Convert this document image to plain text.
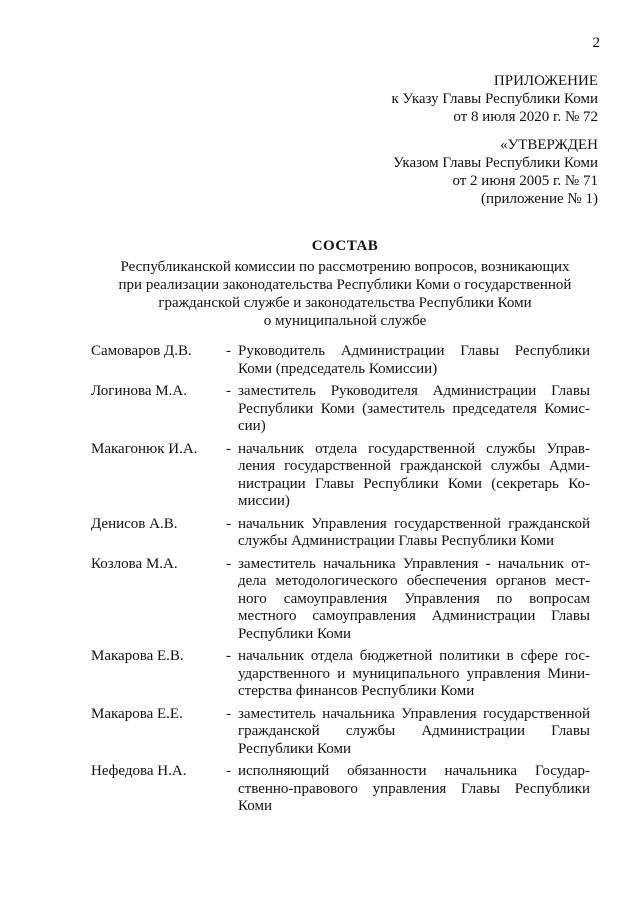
2
ПРИЛОЖЕНИЕ
к Указу Главы Республики Коми
от 8 июля 2020 г. № 72
«УТВЕРЖДЕН
Указом Главы Республики Коми
от 2 июня 2005 г. № 71
(приложение № 1)
СОСТАВ
Республиканской комиссии по рассмотрению вопросов, возникающих
при реализации законодательства Республики Коми о государственной
гражданской службе и законодательства Республики Коми
о муниципальной службе
Самоваров Д.В.	- Руководитель Администрации Главы Республики Коми (председатель Комиссии)
Логинова М.А.	- заместитель Руководителя Администрации Главы Республики Коми (заместитель председателя Комиссии)
Макагонюк И.А.	- начальник отдела государственной службы Управления государственной гражданской службы Администрации Главы Республики Коми (секретарь Комиссии)
Денисов А.В.	- начальник Управления государственной гражданской службы Администрации Главы Республики Коми
Козлова М.А.	- заместитель начальника Управления - начальник отдела методологического обеспечения органов местного самоуправления Управления по вопросам местного самоуправления Администрации Главы Республики Коми
Макарова Е.В.	- начальник отдела бюджетной политики в сфере государственного и муниципального управления Министерства финансов Республики Коми
Макарова Е.Е.	- заместитель начальника Управления государственной гражданской службы Администрации Главы Республики Коми
Нефедова Н.А.	- исполняющий обязанности начальника Государственно-правового управления Главы Республики Коми
